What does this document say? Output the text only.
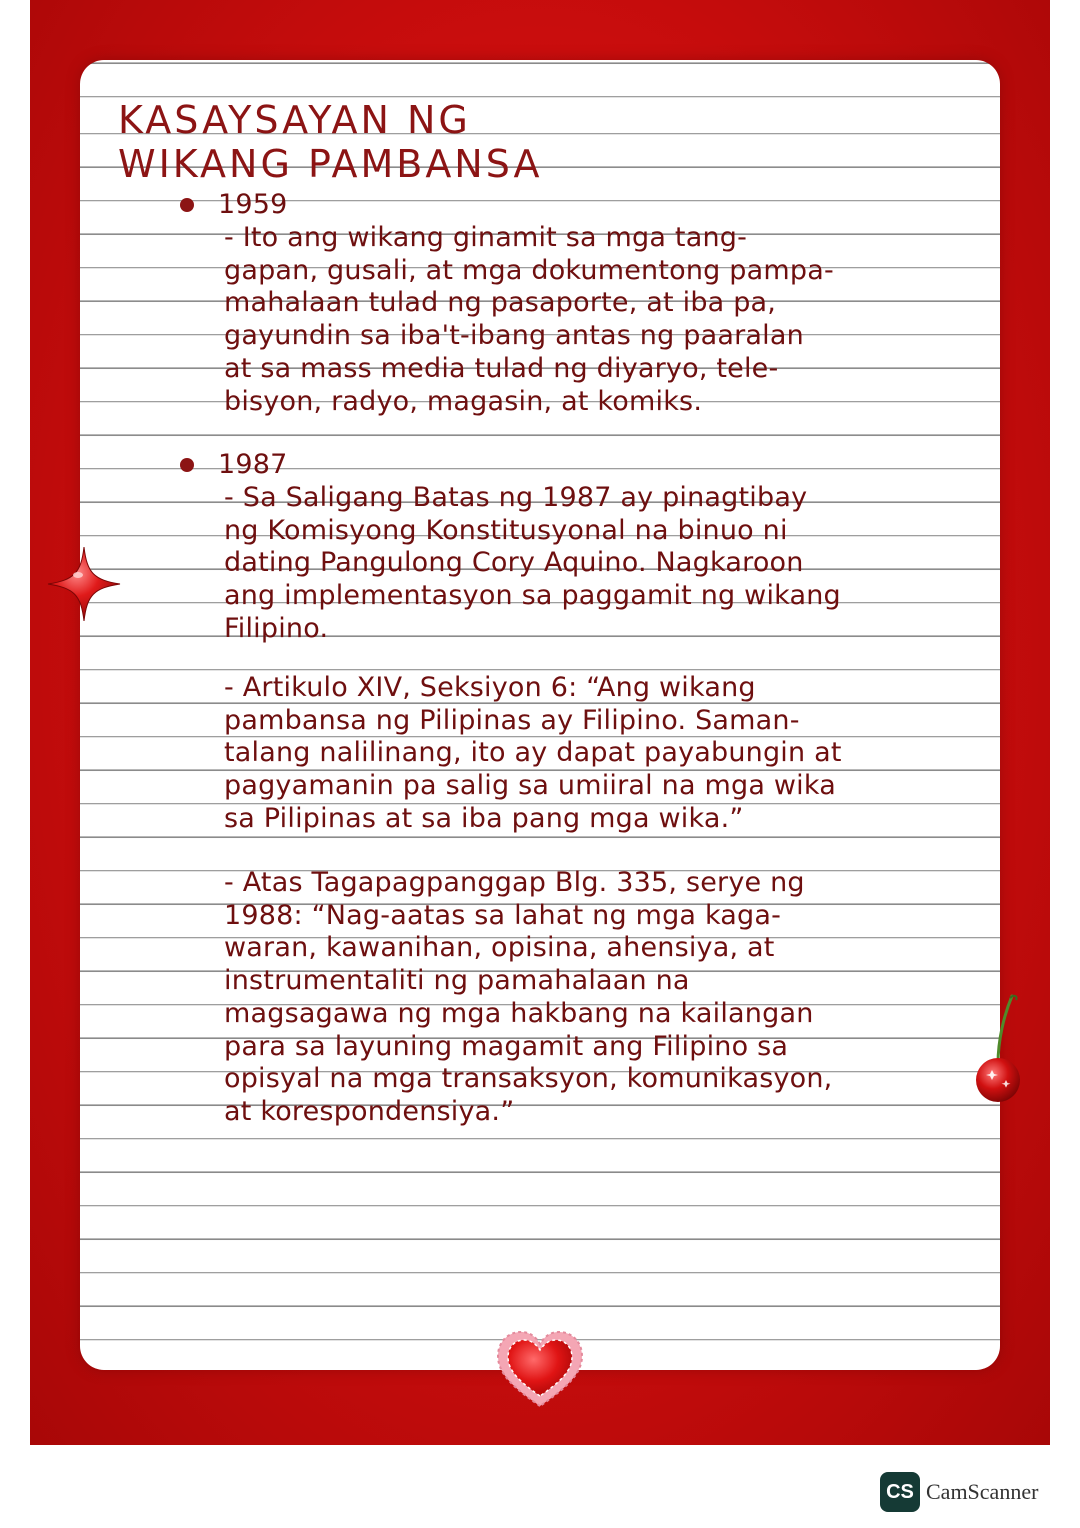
KASAYSAYAN NG
WIKANG PAMBANSA
1959
- Ito ang wikang ginamit sa mga tang-
gapan, gusali, at mga dokumentong pampa-
mahalaan tulad ng pasaporte, at iba pa,
gayundin sa iba't-ibang antas ng paaralan
at sa mass media tulad ng diyaryo, tele-
bisyon, radyo, magasin, at komiks.
1987
- Sa Saligang Batas ng 1987 ay pinagtibay
ng Komisyong Konstitusyonal na binuo ni
dating Pangulong Cory Aquino. Nagkaroon
ang implementasyon sa paggamit ng wikang
Filipino.
- Artikulo XIV, Seksiyon 6: “Ang wikang
pambansa ng Pilipinas ay Filipino. Saman-
talang nalilinang, ito ay dapat payabungin at
pagyamanin pa salig sa umiiral na mga wika
sa Pilipinas at sa iba pang mga wika.”
- Atas Tagapagpanggap Blg. 335, serye ng
1988: “Nag-aatas sa lahat ng mga kaga-
waran, kawanihan, opisina, ahensiya, at
instrumentaliti ng pamahalaan na
magsagawa ng mga hakbang na kailangan
para sa layuning magamit ang Filipino sa
opisyal na mga transaksyon, komunikasyon,
at korespondensiya.”
CS CamScanner
